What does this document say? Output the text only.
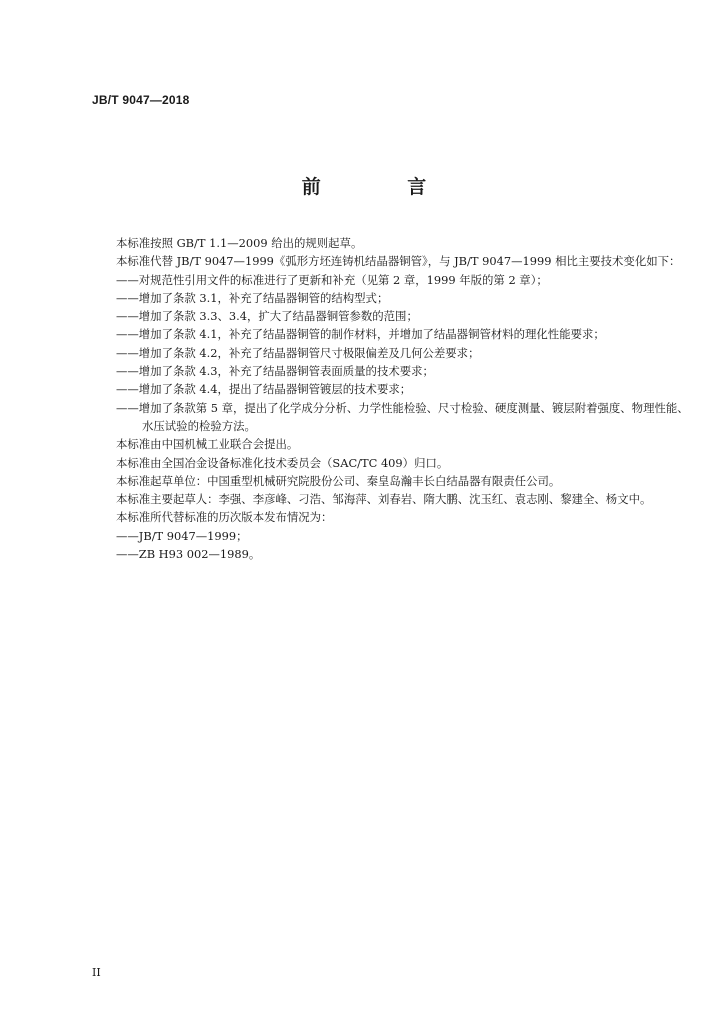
JB/T 9047—2018
前 言

本标准按照 GB/T 1.1—2009 给出的规则起草。

本标准代替 JB/T 9047—1999《弧形方坯连铸机结晶器铜管》，与 JB/T 9047—1999 相比主要技术变化如下：

——对规范性引用文件的标准进行了更新和补充（见第 2 章，1999 年版的第 2 章）；

——增加了条款 3.1，补充了结晶器铜管的结构型式；

——增加了条款 3.3、3.4，扩大了结晶器铜管参数的范围；

——增加了条款 4.1，补充了结晶器铜管的制作材料，并增加了结晶器铜管材料的理化性能要求；

——增加了条款 4.2，补充了结晶器铜管尺寸极限偏差及几何公差要求；

——增加了条款 4.3，补充了结晶器铜管表面质量的技术要求；

——增加了条款 4.4，提出了结晶器铜管镀层的技术要求；

——增加了条款第 5 章，提出了化学成分分析、力学性能检验、尺寸检验、硬度测量、镀层附着强度、物理性能、水压试验的检验方法。

本标准由中国机械工业联合会提出。

本标准由全国冶金设备标准化技术委员会（SAC/TC 409）归口。

本标准起草单位：中国重型机械研究院股份公司、秦皇岛瀚丰长白结晶器有限责任公司。

本标准主要起草人：李强、李彦峰、刁浩、邹海萍、刘春岩、隋大鹏、沈玉红、袁志刚、黎建全、杨文中。

本标准所代替标准的历次版本发布情况为：

——JB/T 9047—1999；

——ZB H93 002—1989。

II
